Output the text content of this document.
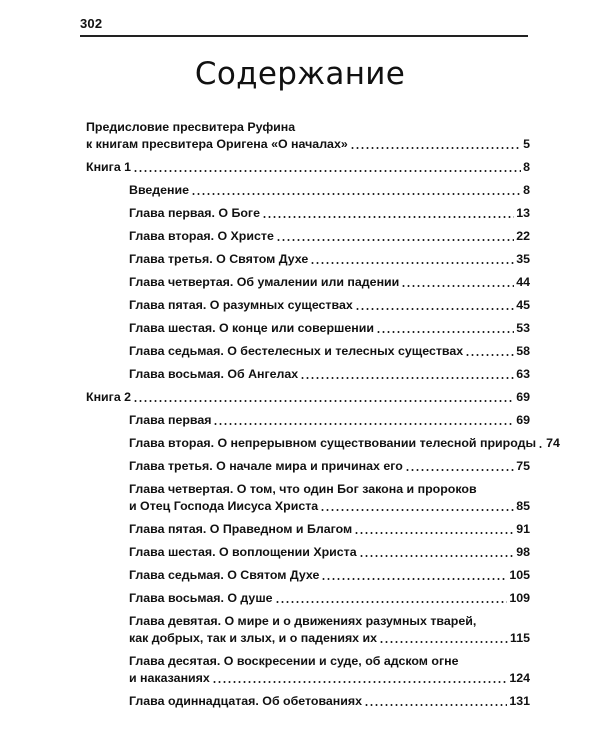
302
Содержание
Предисловие пресвитера Руфина
к книгам пресвитера Оригена «О началах»	5
Книга 1	8
Введение	8
Глава первая. О Боге	13
Глава вторая. О Христе	22
Глава третья. О Святом Духе	35
Глава четвертая. Об умалении или падении	44
Глава пятая. О разумных существах	45
Глава шестая. О конце или совершении	53
Глава седьмая. О бестелесных и телесных существах	58
Глава восьмая. Об Ангелах	63
Книга 2	69
Глава первая	69
Глава вторая. О непрерывном существовании телесной природы 74
Глава третья. О начале мира и причинах его	75
Глава четвертая. О том, что один Бог закона и пророков
и Отец Господа Иисуса Христа	85
Глава пятая. О Праведном и Благом	91
Глава шестая. О воплощении Христа	98
Глава седьмая. О Святом Духе	105
Глава восьмая. О душе	109
Глава девятая. О мире и о движениях разумных тварей,
как добрых, так и злых, и о падениях их	115
Глава десятая. О воскресении и суде, об адском огне
и наказаниях	124
Глава одиннадцатая. Об обетованиях	131
